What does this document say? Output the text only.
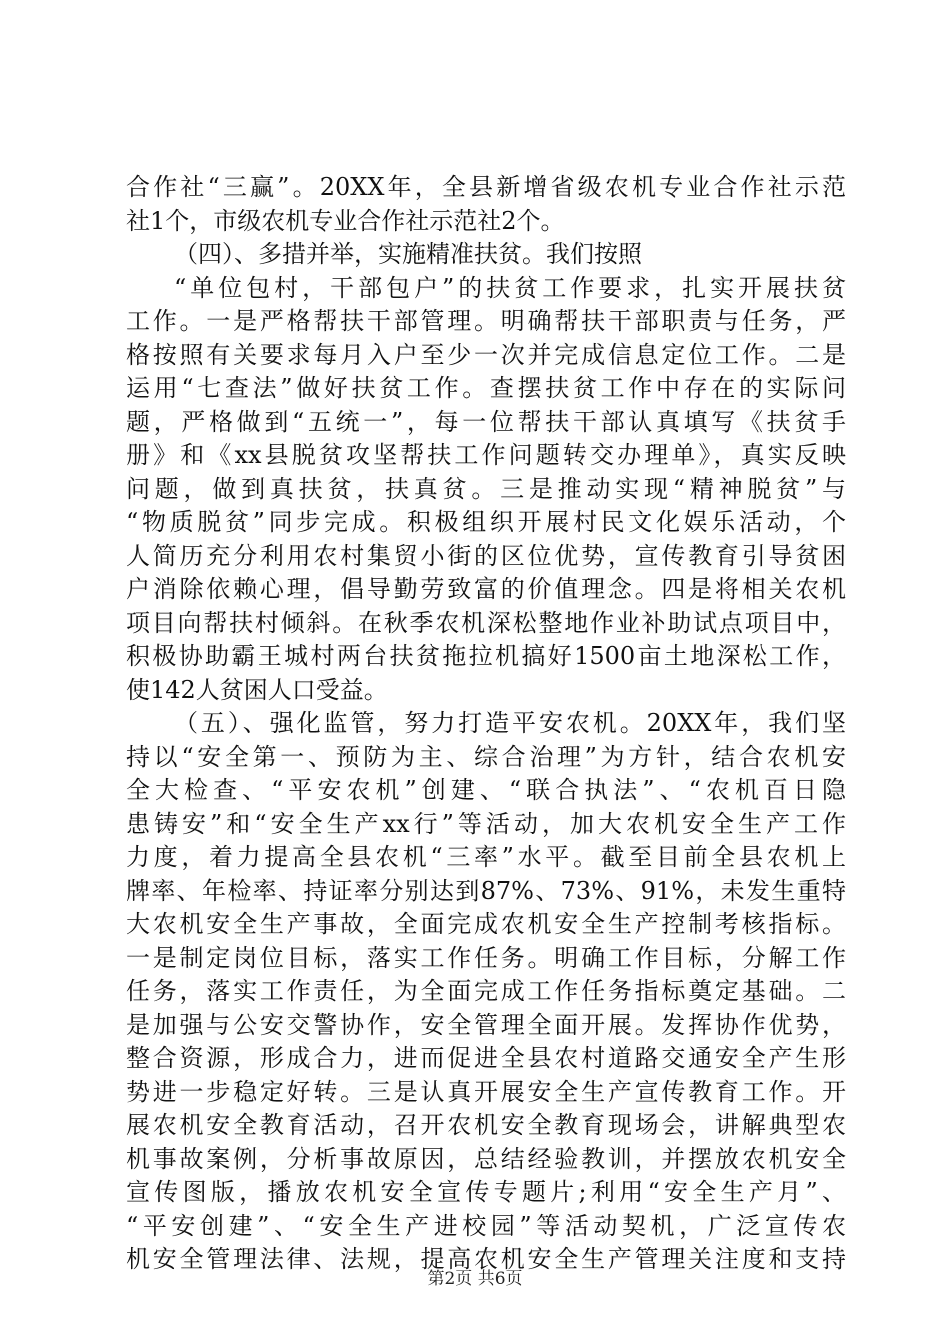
合作社“三赢”。20XX年，全县新增省级农机专业合作社示范
社1个，市级农机专业合作社示范社2个。
（四）、多措并举，实施精准扶贫。我们按照
“单位包村，干部包户”的扶贫工作要求，扎实开展扶贫
工作。一是严格帮扶干部管理。明确帮扶干部职责与任务，严
格按照有关要求每月入户至少一次并完成信息定位工作。二是
运用“七查法”做好扶贫工作。查摆扶贫工作中存在的实际问
题，严格做到“五统一”，每一位帮扶干部认真填写《扶贫手
册》和《xx县脱贫攻坚帮扶工作问题转交办理单》，真实反映
问题，做到真扶贫，扶真贫。三是推动实现“精神脱贫”与
“物质脱贫”同步完成。积极组织开展村民文化娱乐活动，个
人简历充分利用农村集贸小街的区位优势，宣传教育引导贫困
户消除依赖心理，倡导勤劳致富的价值理念。四是将相关农机
项目向帮扶村倾斜。在秋季农机深松整地作业补助试点项目中，
积极协助霸王城村两台扶贫拖拉机搞好1500亩土地深松工作，
使142人贫困人口受益。
（五）、强化监管，努力打造平安农机。20XX年，我们坚
持以“安全第一、预防为主、综合治理”为方针，结合农机安
全大检查、“平安农机”创建、“联合执法”、“农机百日隐
患铸安”和“安全生产xx行”等活动，加大农机安全生产工作
力度，着力提高全县农机“三率”水平。截至目前全县农机上
牌率、年检率、持证率分别达到87%、73%、91%，未发生重特
大农机安全生产事故，全面完成农机安全生产控制考核指标。
一是制定岗位目标，落实工作任务。明确工作目标，分解工作
任务，落实工作责任，为全面完成工作任务指标奠定基础。二
是加强与公安交警协作，安全管理全面开展。发挥协作优势，
整合资源，形成合力，进而促进全县农村道路交通安全产生形
势进一步稳定好转。三是认真开展安全生产宣传教育工作。开
展农机安全教育活动，召开农机安全教育现场会，讲解典型农
机事故案例，分析事故原因，总结经验教训，并摆放农机安全
宣传图版，播放农机安全宣传专题片;利用“安全生产月”、
“平安创建”、“安全生产进校园”等活动契机，广泛宣传农
机安全管理法律、法规，提高农机安全生产管理关注度和支持
第2页 共6页
